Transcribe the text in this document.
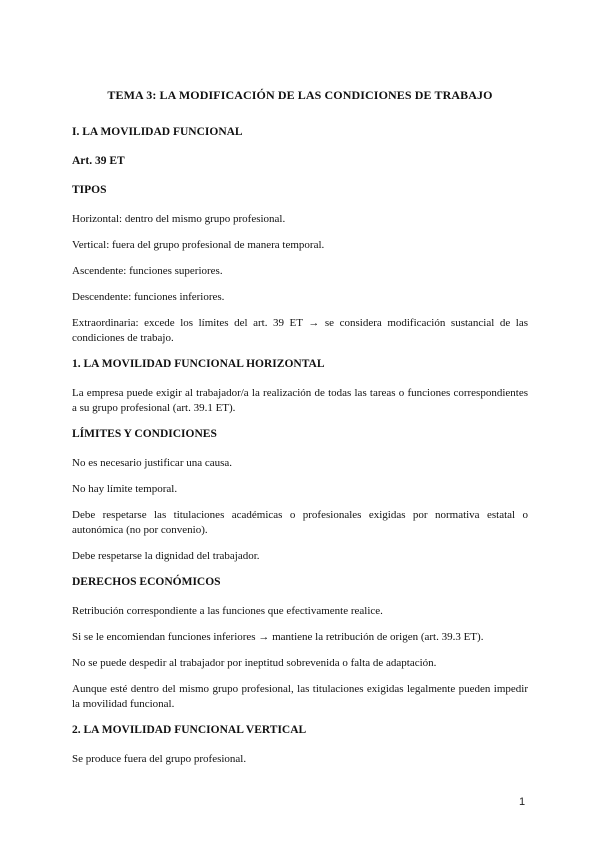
TEMA 3: LA MODIFICACIÓN DE LAS CONDICIONES DE TRABAJO
I. LA MOVILIDAD FUNCIONAL
Art. 39 ET
TIPOS
Horizontal: dentro del mismo grupo profesional.
Vertical: fuera del grupo profesional de manera temporal.
Ascendente: funciones superiores.
Descendente: funciones inferiores.
Extraordinaria: excede los límites del art. 39 ET → se considera modificación sustancial de las condiciones de trabajo.
1. LA MOVILIDAD FUNCIONAL HORIZONTAL
La empresa puede exigir al trabajador/a la realización de todas las tareas o funciones correspondientes a su grupo profesional (art. 39.1 ET).
LÍMITES Y CONDICIONES
No es necesario justificar una causa.
No hay límite temporal.
Debe respetarse las titulaciones académicas o profesionales exigidas por normativa estatal o autonómica (no por convenio).
Debe respetarse la dignidad del trabajador.
DERECHOS ECONÓMICOS
Retribución correspondiente a las funciones que efectivamente realice.
Si se le encomiendan funciones inferiores → mantiene la retribución de origen (art. 39.3 ET).
No se puede despedir al trabajador por ineptitud sobrevenida o falta de adaptación.
Aunque esté dentro del mismo grupo profesional, las titulaciones exigidas legalmente pueden impedir la movilidad funcional.
2. LA MOVILIDAD FUNCIONAL VERTICAL
Se produce fuera del grupo profesional.
1
